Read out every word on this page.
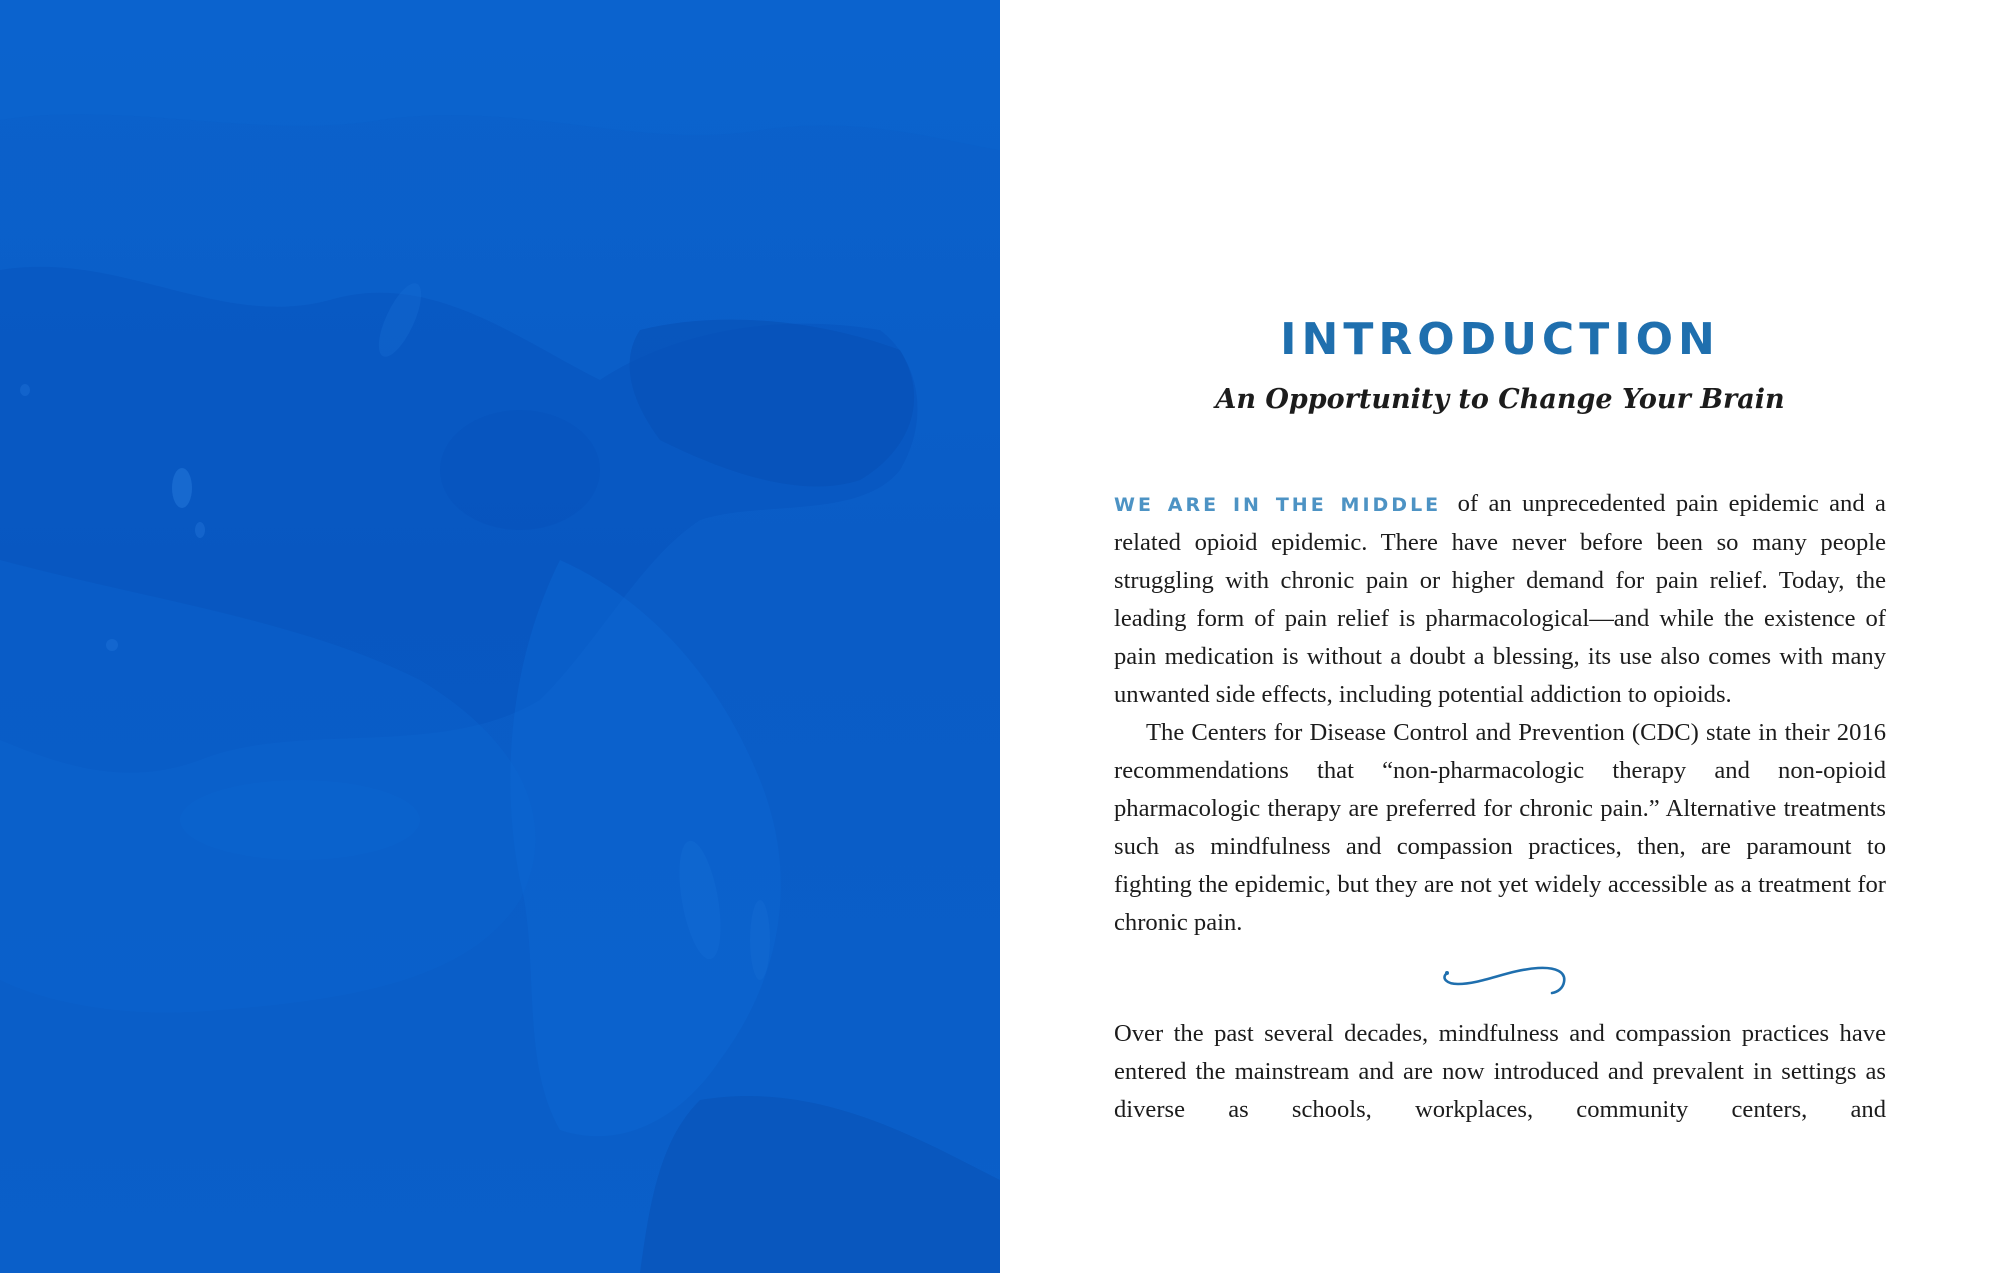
INTRODUCTION
An Opportunity to Change Your Brain

WE ARE IN THE MIDDLE of an unprecedented pain epidemic and a related opioid epidemic. There have never before been so many people struggling with chronic pain or higher demand for pain relief. Today, the leading form of pain relief is pharmacological—and while the existence of pain medication is without a doubt a blessing, its use also comes with many unwanted side effects, including potential addiction to opioids.

The Centers for Disease Control and Prevention (CDC) state in their 2016 recommendations that “non-pharmacologic therapy and non-opioid pharmacologic therapy are preferred for chronic pain.” Alternative treatments such as mindfulness and compassion practices, then, are paramount to fighting the epidemic, but they are not yet widely accessible as a treatment for chronic pain.

Over the past several decades, mindfulness and compassion practices have entered the mainstream and are now introduced and prevalent in settings as diverse as schools, workplaces, community centers, and
